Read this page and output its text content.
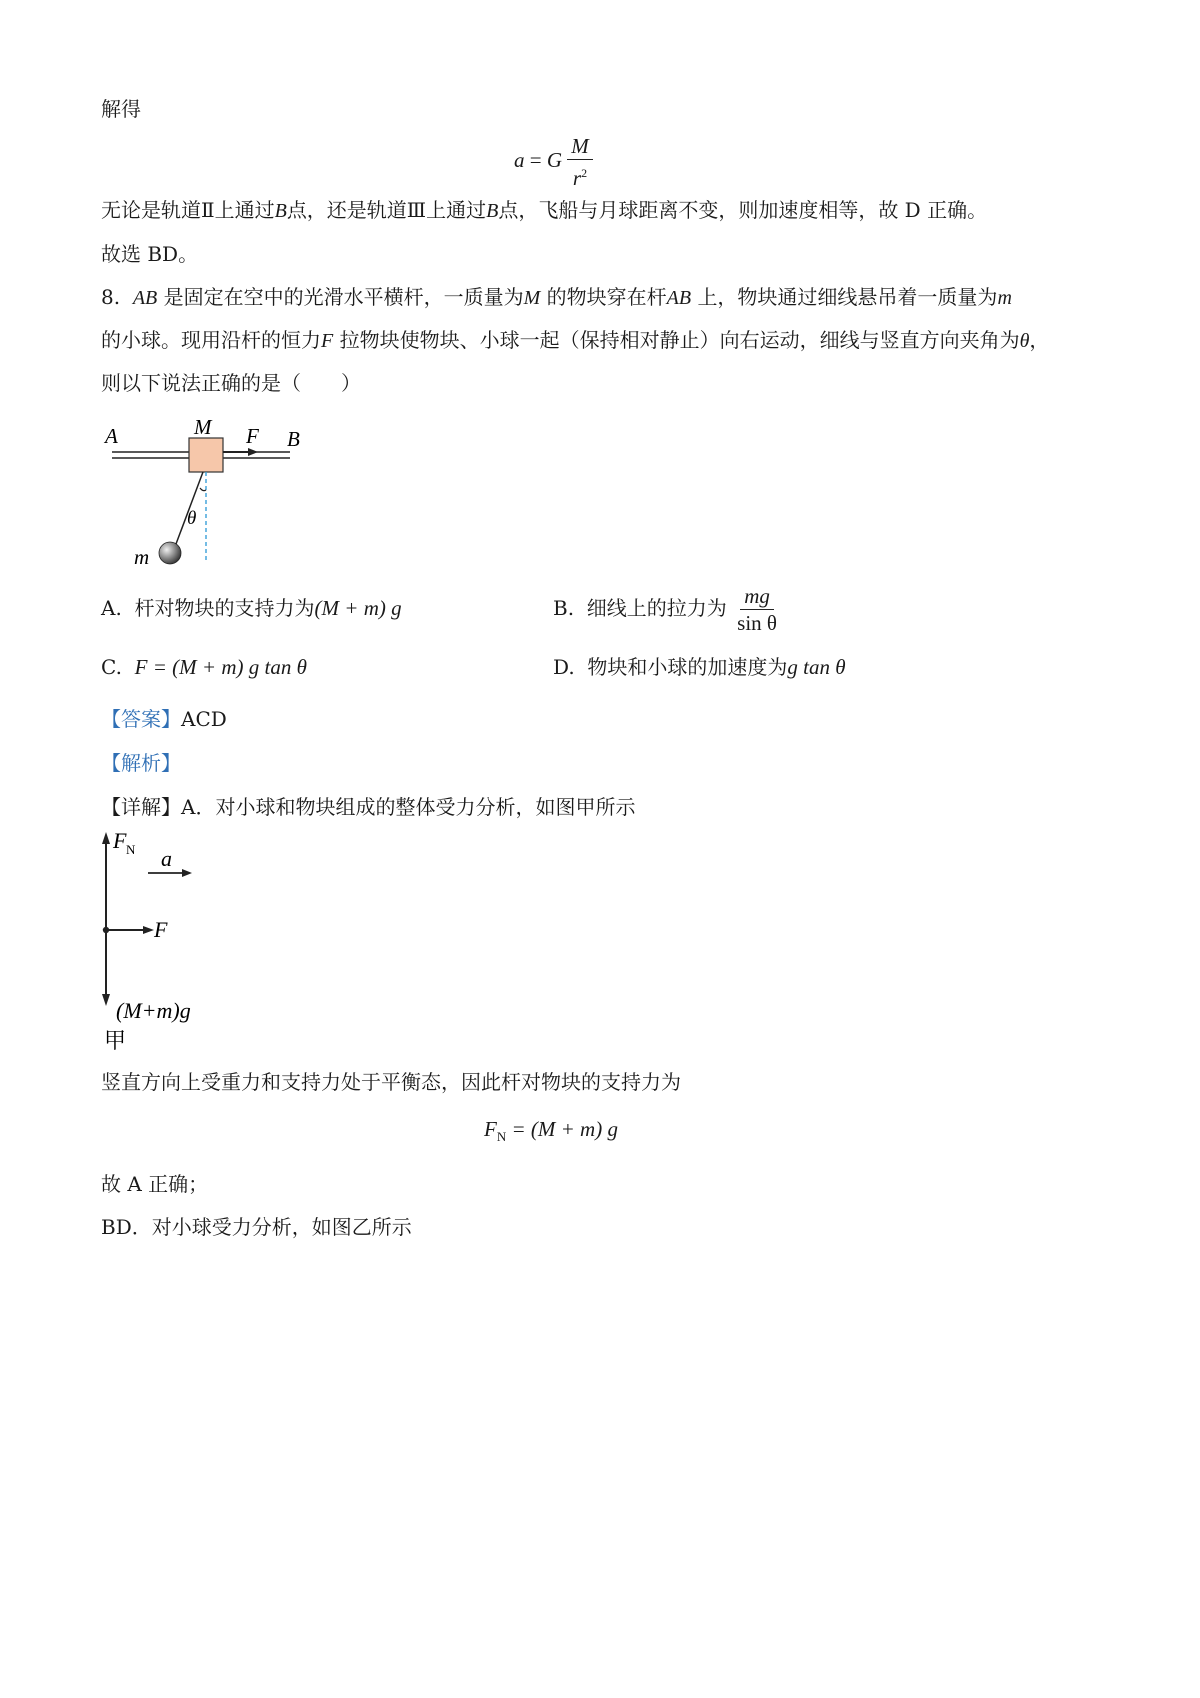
解得
a = G $\frac{M}{r^2}$
无论是轨道Ⅱ上通过B点，还是轨道Ⅲ上通过B点，飞船与月球距离不变，则加速度相等，故 D 正确。
故选 BD。
8. AB 是固定在空中的光滑水平横杆，一质量为M 的物块穿在杆AB 上，物块通过细线悬吊着一质量为m
的小球。现用沿杆的恒力F 拉物块使物块、小球一起（保持相对静止）向右运动，细线与竖直方向夹角为θ，
则以下说法正确的是（　　）
A	M F B
θ
m
A. 杆对物块的支持力为(M + m) g	B. 细线上的拉力为 $\frac{mg}{\text{sin θ}}$
C. F = (M + m) g tan θ	D. 物块和小球的加速度为g tan θ
【答案】ACD
【解析】
【详解】A．对小球和物块组成的整体受力分析，如图甲所示
F N a
F
(M+m)g
甲
竖直方向上受重力和支持力处于平衡态，因此杆对物块的支持力为
$F_N = (M + m)$ g
故 A 正确；
BD．对小球受力分析，如图乙所示
